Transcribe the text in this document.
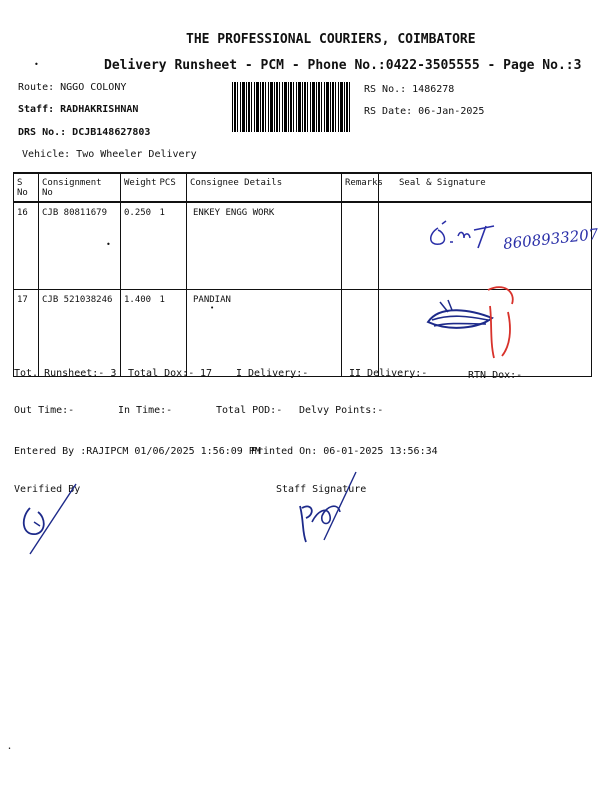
THE PROFESSIONAL COURIERS, COIMBATORE
•	Delivery Runsheet - PCM - Phone No.:0422-3505555 - Page No.:3
Route: NGGO COLONY
Staff: RADHAKRISHNAN
DRS No.: DCJB148627803
Vehicle: Two Wheeler Delivery
RS No.: 1486278
RS Date: 06-Jan-2025
S No	Consignment No	Weight	PCS	Consignee Details	Remarks	Seal & Signature
16	CJB 80811679	0.250	1	ENKEY ENGG WORK		
17	CJB 521038246	1.400	1	PANDIAN		
8608933207
•
•
Tot. Runsheet:- 3 Total Dox:- 17 I Delivery:-	II Delivery:-	RTN Dox:-
Out Time:-	In Time:-	Total POD:- Delvy Points:-
Entered By :RAJIPCM 01/06/2025 1:56:09 PM
Printed On: 06-01-2025 13:56:34
Verified By	Staff Signature
•
